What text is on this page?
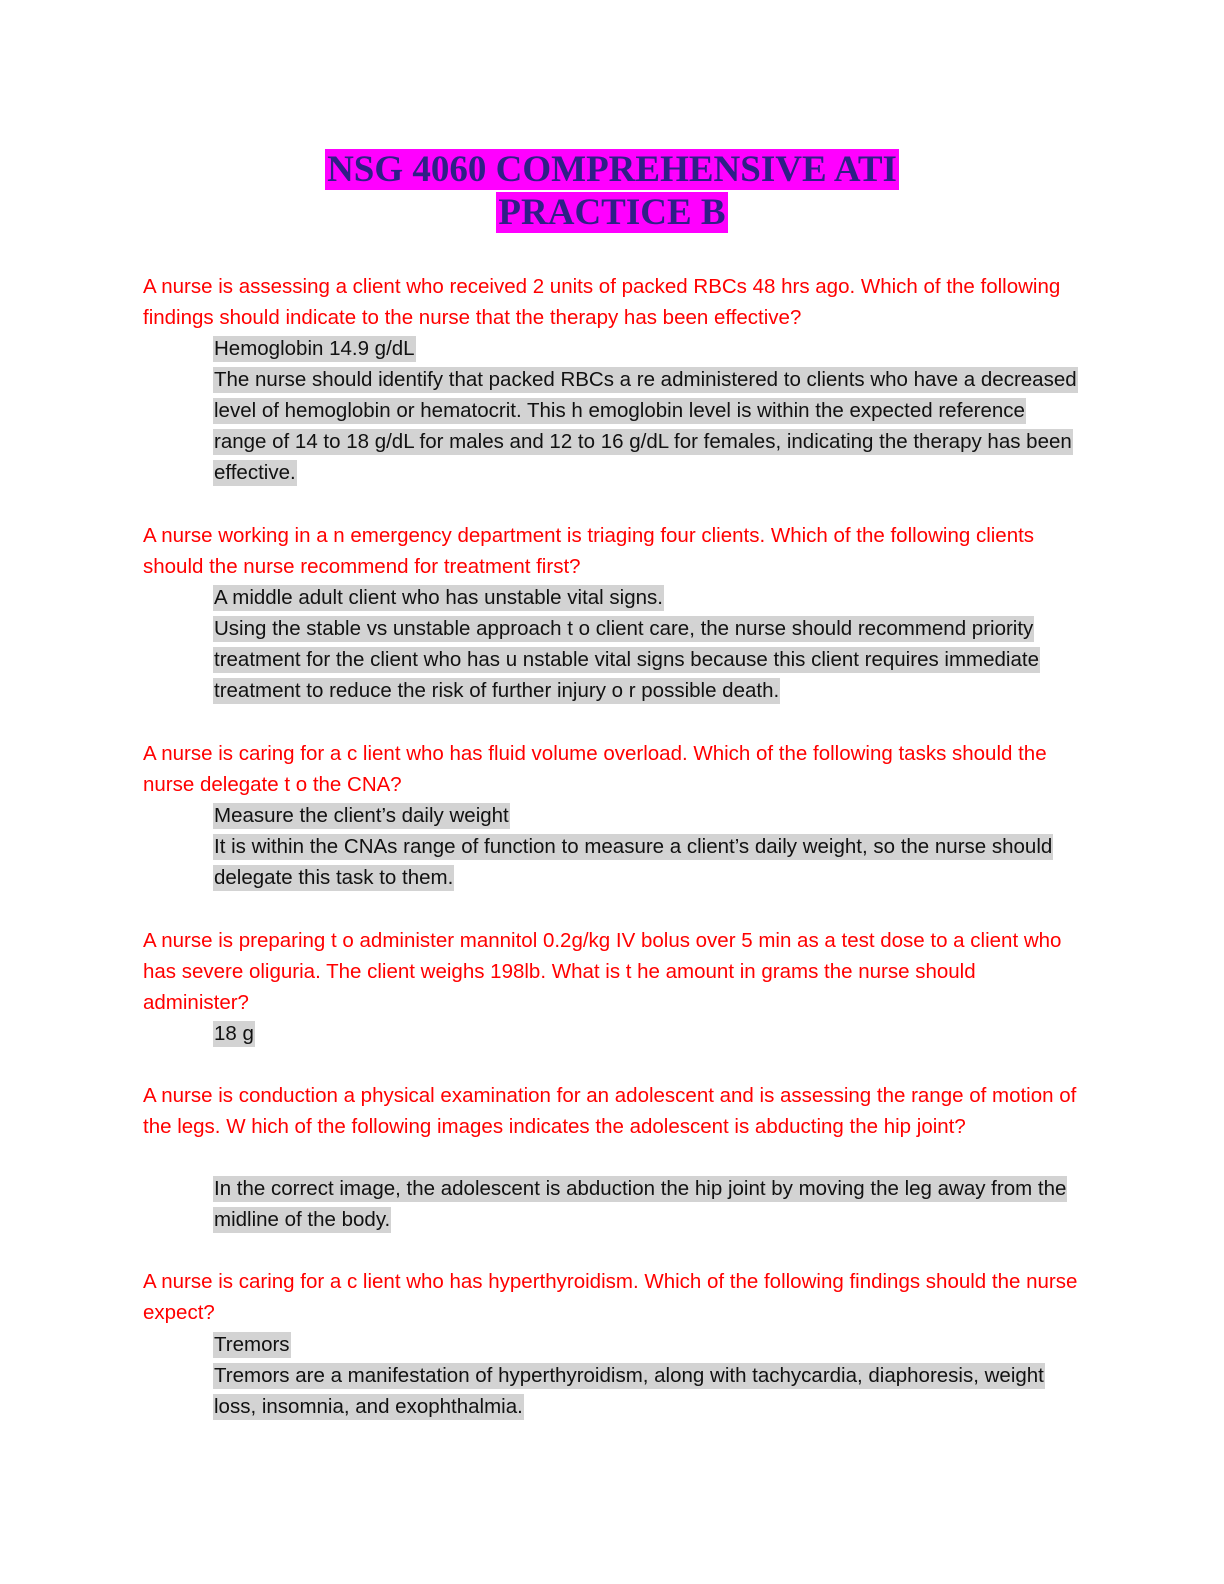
NSG 4060 COMPREHENSIVE ATI
PRACTICE B

A nurse is assessing a client who received 2 units of packed RBCs 48 hrs ago. Which of the following findings should indicate to the nurse that the therapy has been effective?

Hemoglobin 14.9 g/dL

The nurse should identify that packed RBCs a re administered to clients who have a decreased level of hemoglobin or hematocrit. This h emoglobin level is within the expected reference range of 14 to 18 g/dL for males and 12 to 16 g/dL for females, indicating the therapy has been effective.

A nurse working in a n emergency department is triaging four clients. Which of the following clients should the nurse recommend for treatment first?

A middle adult client who has unstable vital signs.

Using the stable vs unstable approach t o client care, the nurse should recommend priority treatment for the client who has u nstable vital signs because this client requires immediate treatment to reduce the risk of further injury o r possible death.

A nurse is caring for a c lient who has fluid volume overload. Which of the following tasks should the nurse delegate t o the CNA?

Measure the client’s daily weight

It is within the CNAs range of function to measure a client’s daily weight, so the nurse should delegate this task to them.

A nurse is preparing t o administer mannitol 0.2g/kg IV bolus over 5 min as a test dose to a client who has severe oliguria. The client weighs 198lb. What is t he amount in grams the nurse should administer?

18 g

A nurse is conduction a physical examination for an adolescent and is assessing the range of motion of the legs. W hich of the following images indicates the adolescent is abducting the hip joint?

In the correct image, the adolescent is abduction the hip joint by moving the leg away from the midline of the body.

A nurse is caring for a c lient who has hyperthyroidism. Which of the following findings should the nurse expect?

Tremors

Tremors are a manifestation of hyperthyroidism, along with tachycardia, diaphoresis, weight loss, insomnia, and exophthalmia.
